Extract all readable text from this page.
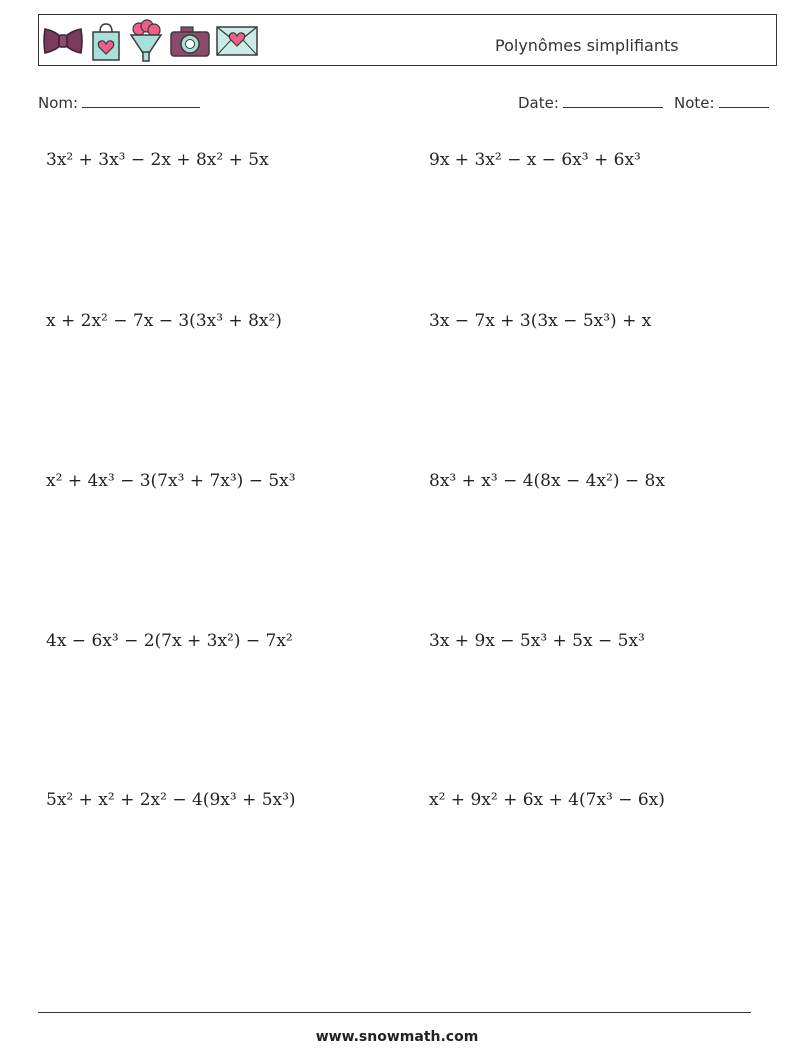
Polynômes simplifiants
Nom:	Date:	Note:
3x² + 3x³ − 2x + 8x² + 5x	9x + 3x² − x − 6x³ + 6x³
x + 2x² − 7x − 3(3x³ + 8x²)	3x − 7x + 3(3x − 5x³) + x
x² + 4x³ − 3(7x³ + 7x³) − 5x³	8x³ + x³ − 4(8x − 4x²) − 8x
4x − 6x³ − 2(7x + 3x²) − 7x²	3x + 9x − 5x³ + 5x − 5x³
5x² + x² + 2x² − 4(9x³ + 5x³)	x² + 9x² + 6x + 4(7x³ − 6x)
www.snowmath.com
